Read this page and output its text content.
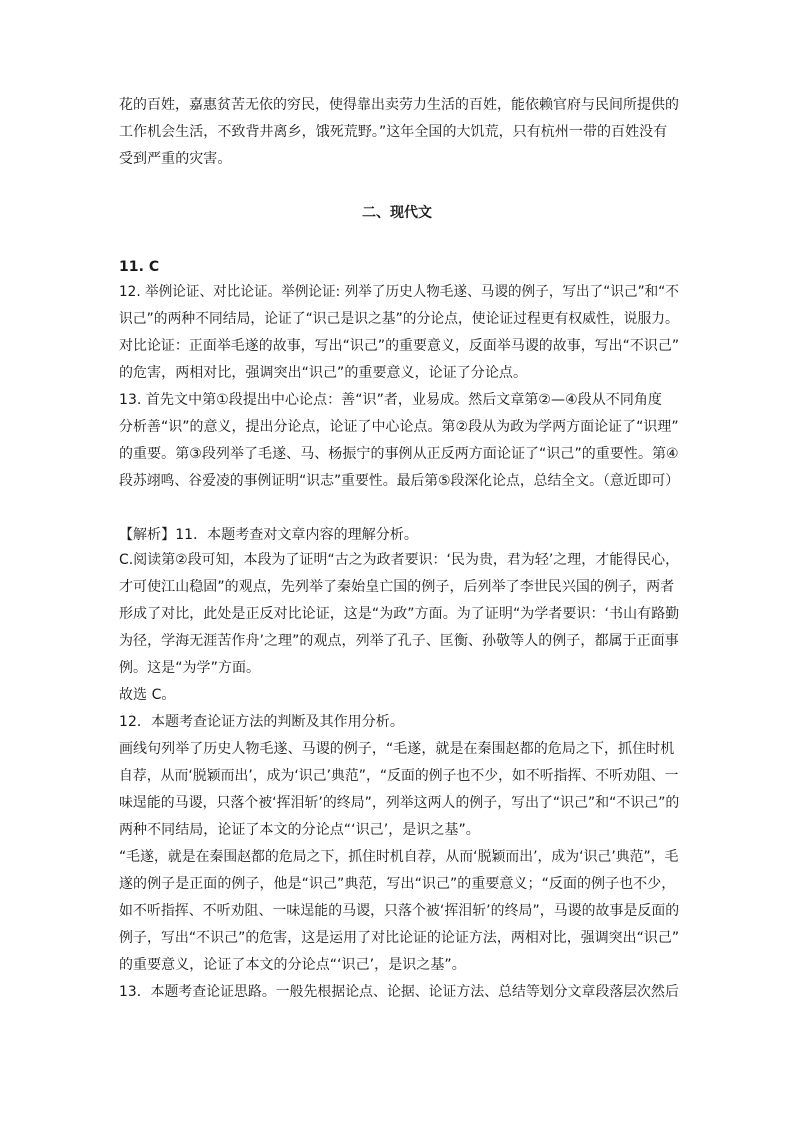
花的百姓，嘉惠贫苦无依的穷民，使得靠出卖劳力生活的百姓，能依赖官府与民间所提供的
工作机会生活，不致背井离乡，饿死荒野。”这年全国的大饥荒，只有杭州一带的百姓没有
受到严重的灾害。
二、现代文
11. C
12. 举例论证、对比论证。举例论证: 列举了历史人物毛遂、马谡的例子，写出了“识己”和“不
识己”的两种不同结局，论证了“识己是识之基”的分论点，使论证过程更有权威性，说服力。
对比论证：正面举毛遂的故事，写出“识己”的重要意义，反面举马谡的故事，写出“不识己”
的危害，两相对比，强调突出“识己”的重要意义，论证了分论点。
13. 首先文中第①段提出中心论点：善“识”者，业易成。然后文章第②—④段从不同角度
分析善“识”的意义，提出分论点，论证了中心论点。第②段从为政为学两方面论证了“识理”
的重要。第③段列举了毛遂、马、杨振宁的事例从正反两方面论证了“识己”的重要性。第④
段苏翊鸣、谷爱凌的事例证明“识志”重要性。最后第⑤段深化论点，总结全文。（意近即可）
【解析】11．本题考查对文章内容的理解分析。
C.阅读第②段可知，本段为了证明“古之为政者要识：‘民为贵，君为轻’之理，才能得民心，
才可使江山稳固”的观点，先列举了秦始皇亡国的例子，后列举了李世民兴国的例子，两者
形成了对比，此处是正反对比论证，这是“为政”方面。为了证明“为学者要识：‘书山有路勤
为径，学海无涯苦作舟’之理”的观点，列举了孔子、匡衡、孙敬等人的例子，都属于正面事
例。这是“为学”方面。
故选 C。
12．本题考查论证方法的判断及其作用分析。
画线句列举了历史人物毛遂、马谡的例子，“毛遂，就是在秦围赵都的危局之下，抓住时机
自荐，从而‘脱颖而出’，成为‘识己’典范”，“反面的例子也不少，如不听指挥、不听劝阻、一
味逞能的马谡，只落个被‘挥泪斩’的终局”，列举这两人的例子，写出了“识己”和“不识己”的
两种不同结局，论证了本文的分论点“‘识己’，是识之基”。
“毛遂，就是在秦围赵都的危局之下，抓住时机自荐，从而‘脱颖而出’，成为‘识己’典范”，毛
遂的例子是正面的例子，他是“识己”典范，写出“识己”的重要意义；“反面的例子也不少，
如不听指挥、不听劝阻、一味逞能的马谡，只落个被‘挥泪斩’的终局”，马谡的故事是反面的
例子，写出“不识己”的危害，这是运用了对比论证的论证方法，两相对比，强调突出“识己”
的重要意义，论证了本文的分论点“‘识己’，是识之基”。
13．本题考查论证思路。一般先根据论点、论据、论证方法、总结等划分文章段落层次然后
